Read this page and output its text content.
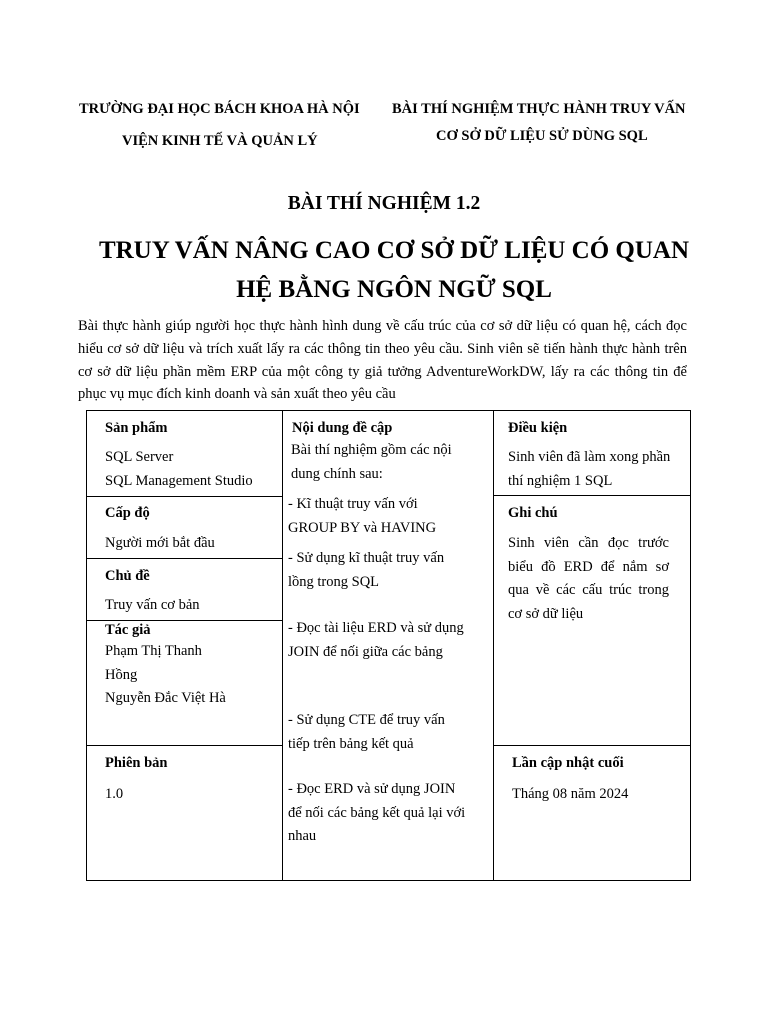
TRƯỜNG ĐẠI HỌC BÁCH KHOA HÀ NỘI
VIỆN KINH TẾ VÀ QUẢN LÝ
BÀI THÍ NGHIỆM THỰC HÀNH TRUY VẤN
CƠ SỞ DỮ LIỆU SỬ DÙNG SQL
BÀI THÍ NGHIỆM 1.2
TRUY VẤN NÂNG CAO CƠ SỞ DỮ LIỆU CÓ QUAN
HỆ BẰNG NGÔN NGỮ SQL
Bài thực hành giúp người học thực hành hình dung về cấu trúc của cơ sở dữ liệu có quan hệ, cách đọc hiểu cơ sở dữ liệu và trích xuất lấy ra các thông tin theo yêu cầu. Sinh viên sẽ tiến hành thực hành trên cơ sở dữ liệu phần mềm ERP của một công ty giả tưởng AdventureWorkDW, lấy ra các thông tin để phục vụ mục đích kinh doanh và sản xuất theo yêu cầu
Sản phẩm
SQL Server
SQL Management Studio
Cấp độ
Người mới bắt đầu
Chủ đề
Truy vấn cơ bản
Tác giả
Phạm Thị Thanh
Hồng
Nguyễn Đắc Việt Hà
Phiên bản
1.0
Nội dung đề cập
Bài thí nghiệm gồm các nội dung chính sau:
- Kĩ thuật truy vấn với GROUP BY và HAVING
- Sử dụng kĩ thuật truy vấn lồng trong SQL
- Đọc tài liệu ERD và sử dụng JOIN để nối giữa các bảng
- Sử dụng CTE để truy vấn tiếp trên bảng kết quả
- Đọc ERD và sử dụng JOIN để nối các bảng kết quả lại với nhau
Điều kiện
Sinh viên đã làm xong phần thí nghiệm 1 SQL
Ghi chú
Sinh viên cần đọc trước biểu đồ ERD để nắm sơ qua về các cấu trúc trong cơ sở dữ liệu
Lần cập nhật cuối
Tháng 08 năm 2024
